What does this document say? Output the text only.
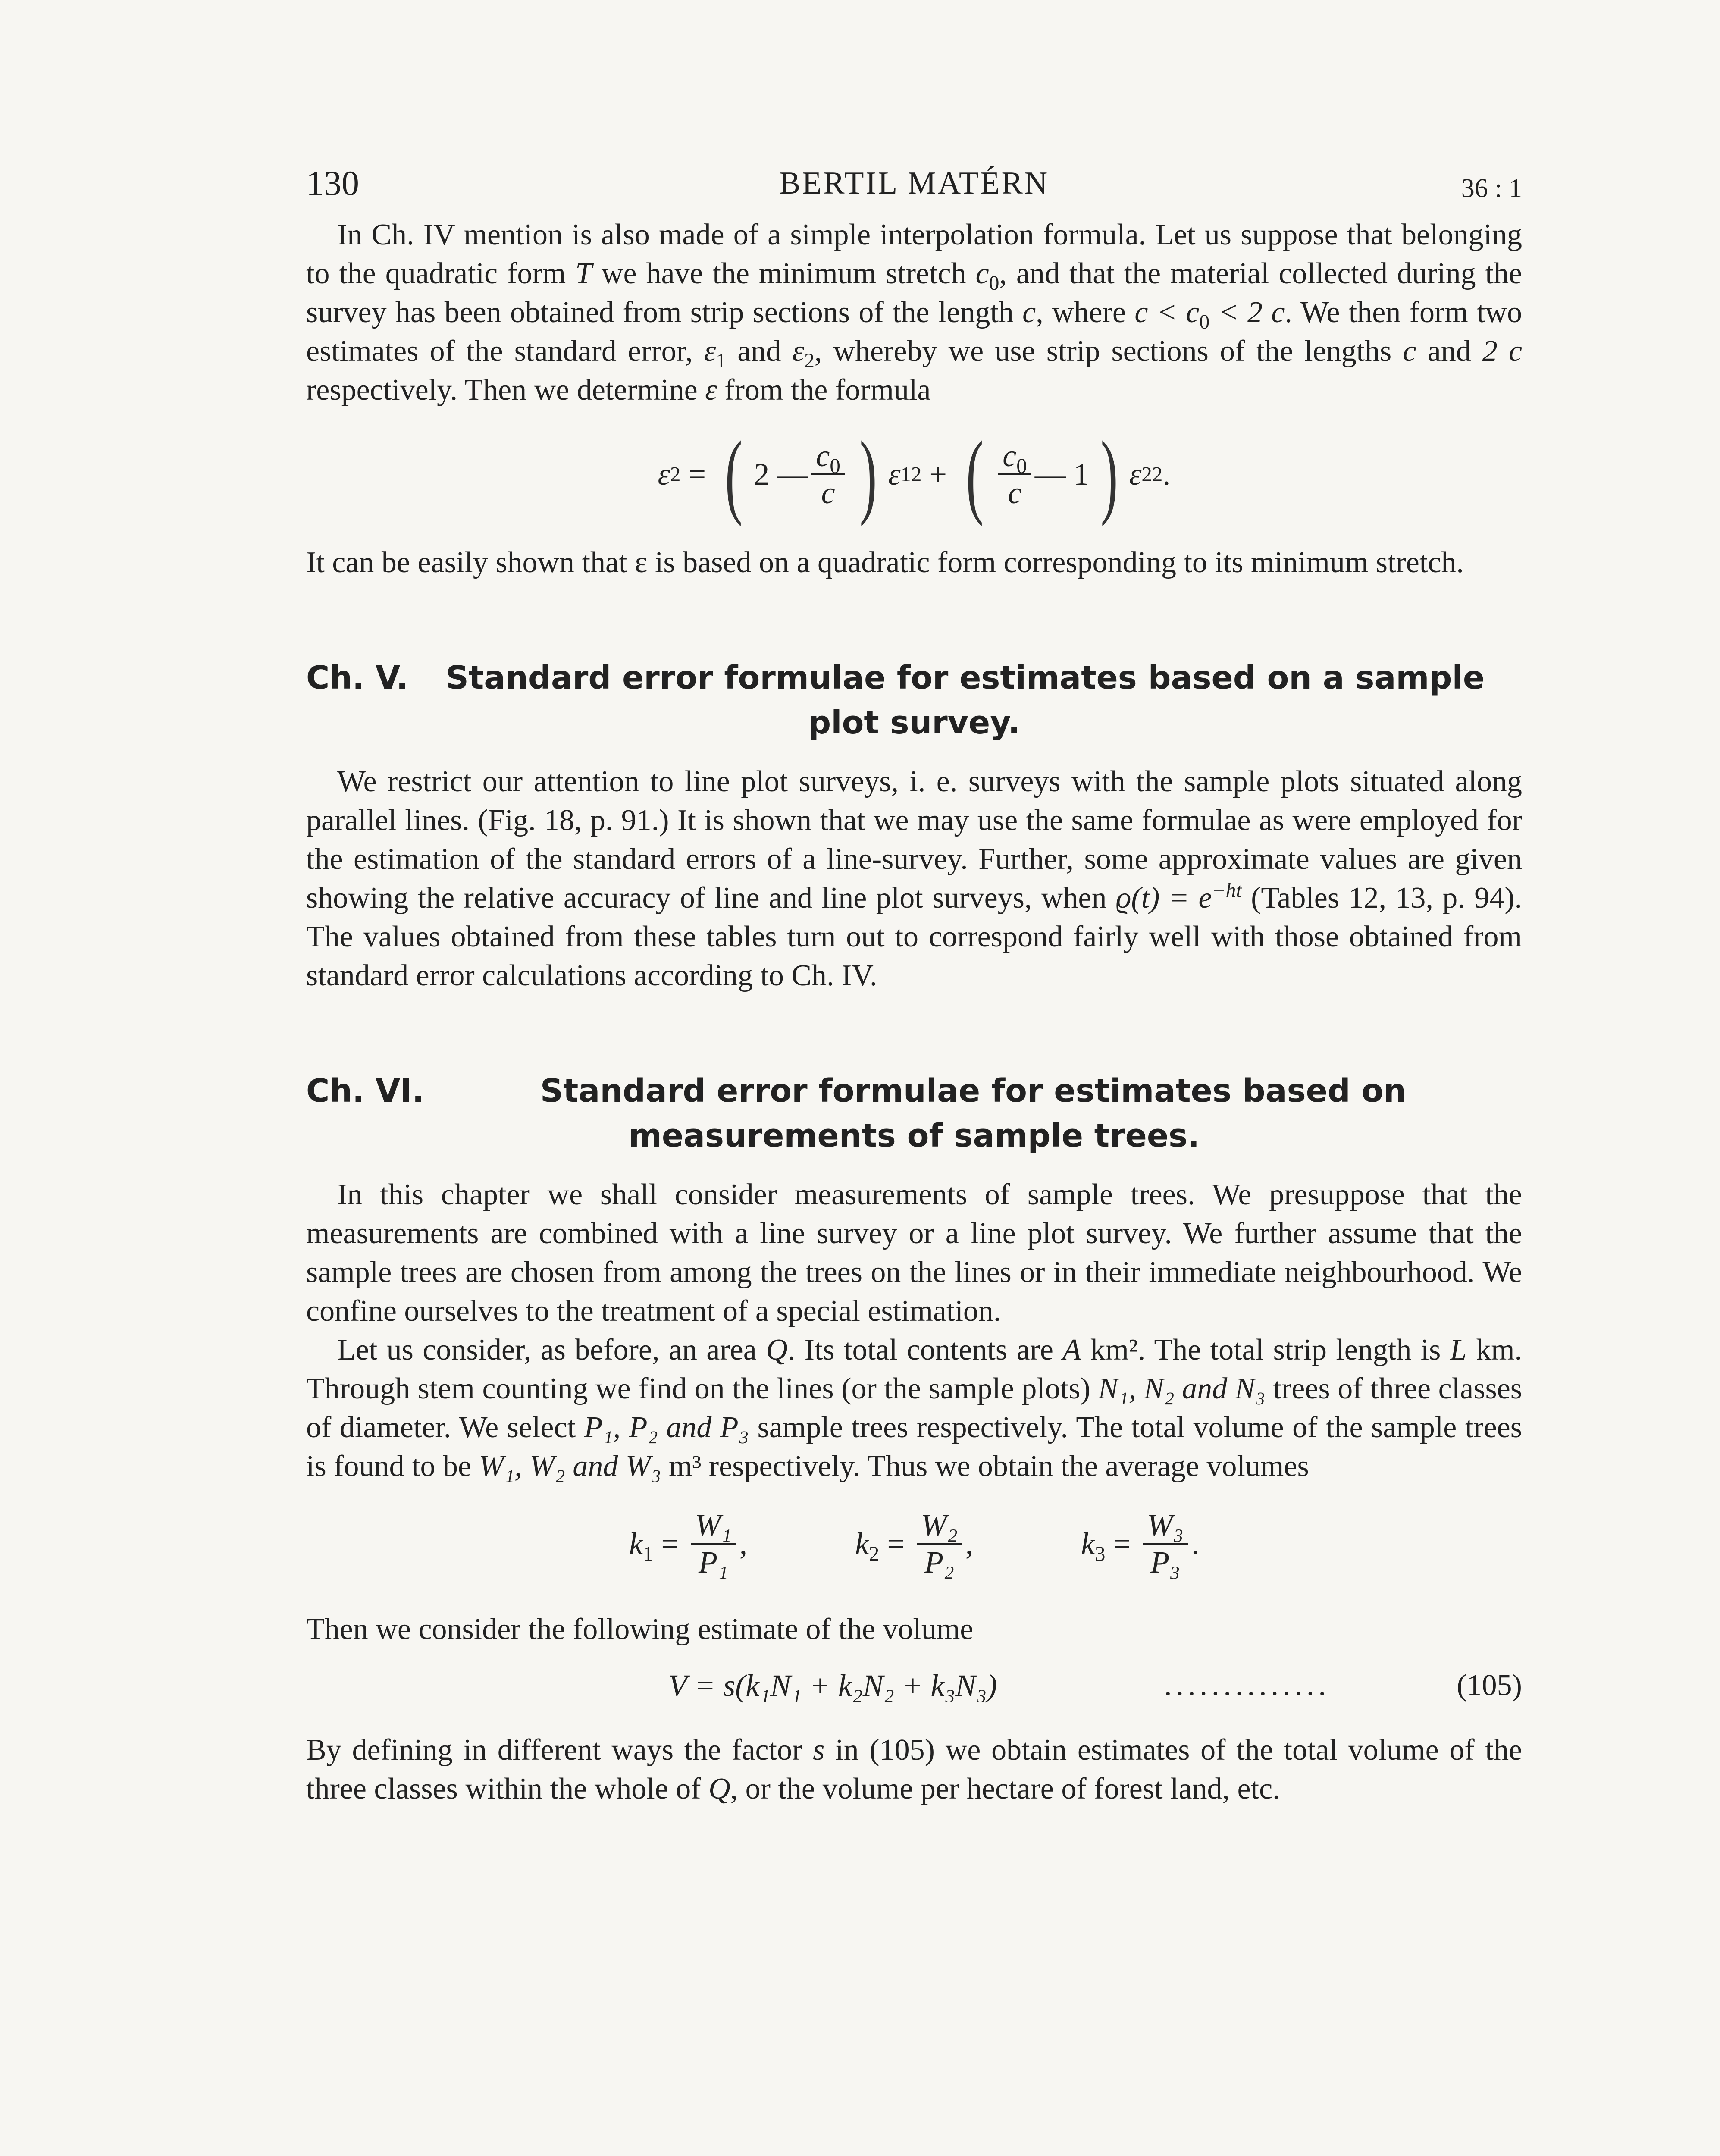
130	BERTIL MATÉRN	36 : 1

In Ch. IV mention is also made of a simple interpolation formula. Let us suppose that belonging to the quadratic form T we have the minimum stretch $c_0$, and that the material collected during the survey has been obtained from strip sections of the length c, where $c < c_0 < 2$ c. We then form two estimates of the standard error, $\varepsilon_1$ and $\varepsilon_2$, whereby we use strip sections of the lengths c and 2 c respectively. Then we determine ε from the formula

ε 2 = ( 2 — $\frac{c_0}{c}$ ) ε 1 2 + ( $\frac{c_0}{c}$ — 1 ) ε 2 2 .

It can be easily shown that ε is based on a quadratic form corresponding to its minimum stretch.

Ch. V. Standard error formulae for estimates based on a sample plot survey.

We restrict our attention to line plot surveys, i. e. surveys with the sample plots situated along parallel lines. (Fig. 18, p. 91.) It is shown that we may use the same formulae as were employed for the estimation of the standard errors of a line-survey. Further, some approximate values are given showing the relative accuracy of line and line plot surveys, when $ϱ(t) = e^{-ht}$ (Tables 12, 13, p. 94). The values obtained from these tables turn out to correspond fairly well with those obtained from standard error calculations according to Ch. IV.

Ch. VI.	Standard error formulae for estimates based on measurements of sample trees.

In this chapter we shall consider measurements of sample trees. We presuppose that the measurements are combined with a line survey or a line plot survey. We further assume that the sample trees are chosen from among the trees on the lines or in their immediate neighbourhood. We confine ourselves to the treatment of a special estimation.

Let us consider, as before, an area Q. Its total contents are A km². The total strip length is L km. Through stem counting we find on the lines (or the sample plots) N₁, N₂ and N₃ trees of three classes of diameter. We select P₁, P₂ and P₃ sample trees respectively. The total volume of the sample trees is found to be W₁, W₂ and W₃ m³ respectively. Thus we obtain the average volumes

$k_1 = \frac{\text{W₁}}{\text{P₁}}$ ,	$k_2 = \frac{\text{W₂}}{\text{P₂}}$ ,	$k_3 = \frac{\text{W₃}}{\text{P₃}}$ .

Then we consider the following estimate of the volume

V = s(k₁N₁ + k₂N₂ + k₃N₃)	..............	(105)

By defining in different ways the factor s in (105) we obtain estimates of the total volume of the three classes within the whole of Q, or the volume per hectare of forest land, etc.
